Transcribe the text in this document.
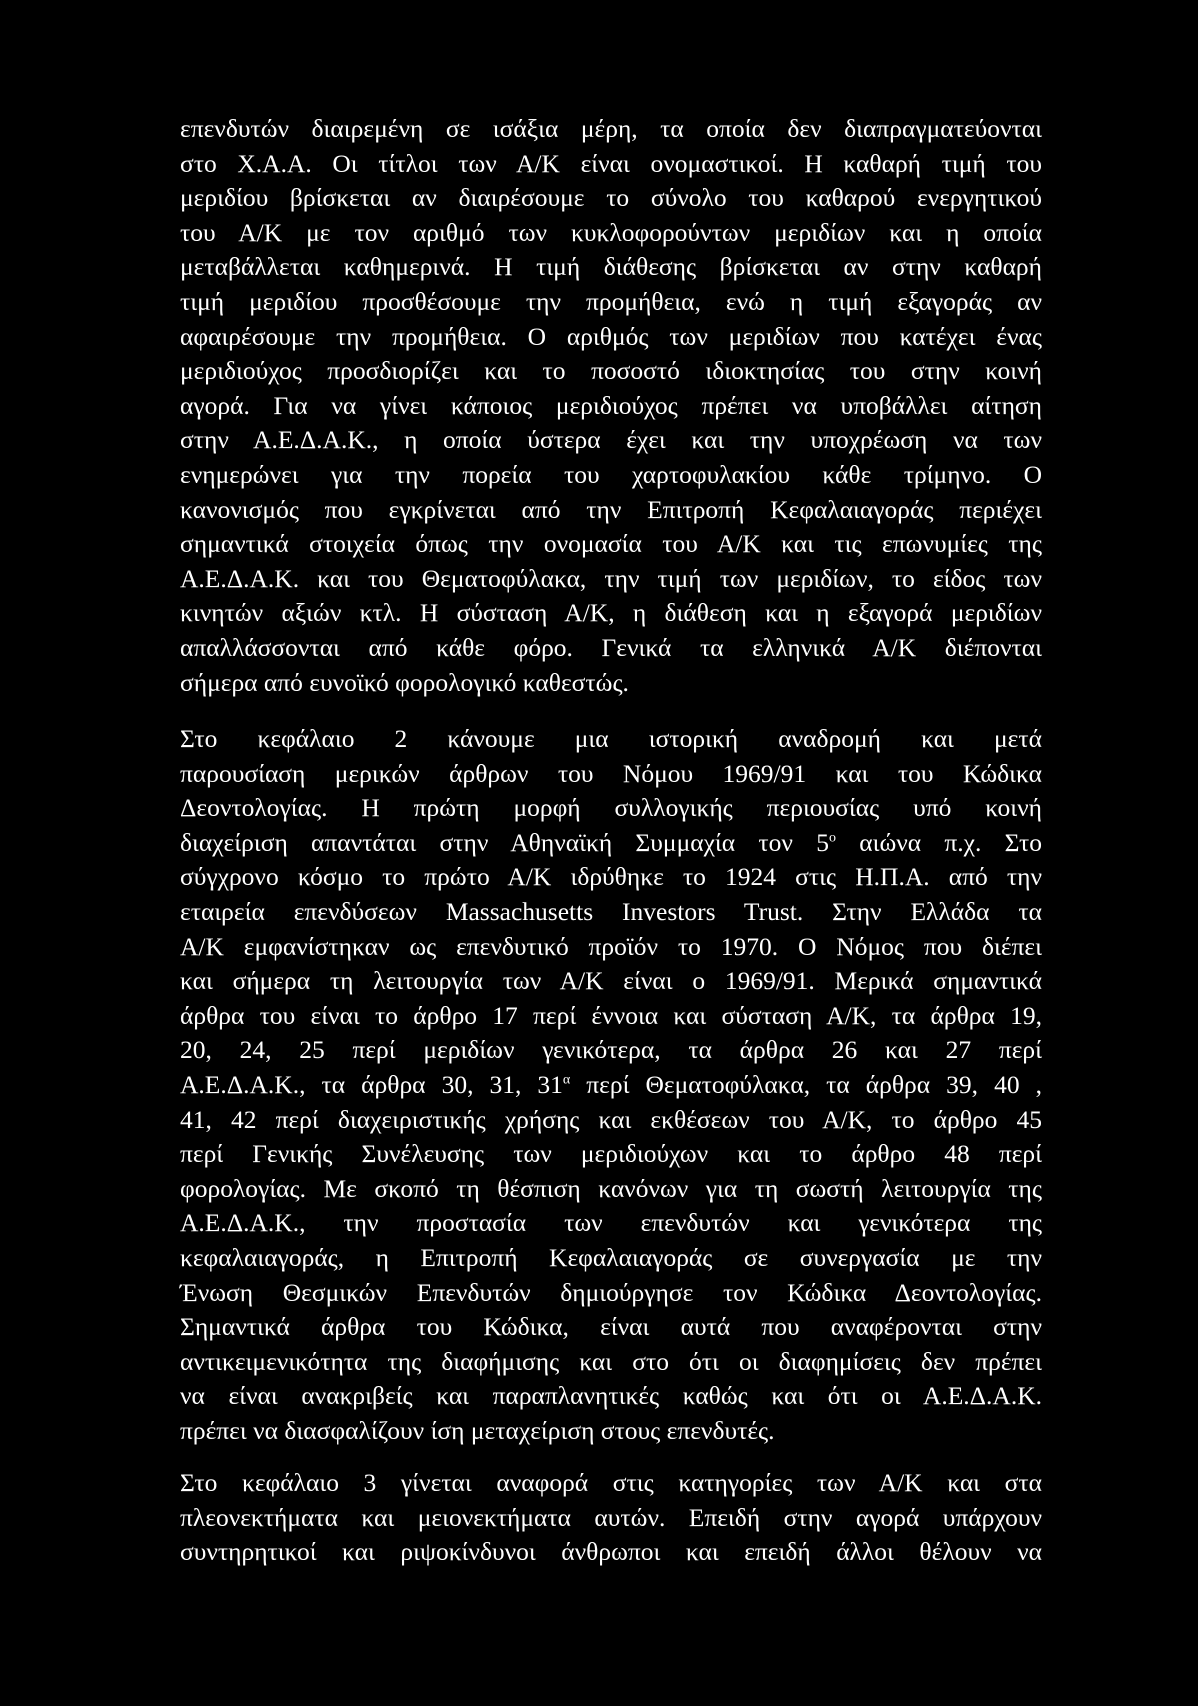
επενδυτών διαιρεμένη σε ισάξια μέρη, τα οποία δεν διαπραγματεύονται
στο Χ.Α.Α. Οι τίτλοι των Α/Κ είναι ονομαστικοί. Η καθαρή τιμή του
μεριδίου βρίσκεται αν διαιρέσουμε το σύνολο του καθαρού ενεργητικού
του Α/Κ με τον αριθμό των κυκλοφορούντων μεριδίων και η οποία
μεταβάλλεται καθημερινά. Η τιμή διάθεσης βρίσκεται αν στην καθαρή
τιμή μεριδίου προσθέσουμε την προμήθεια, ενώ η τιμή εξαγοράς αν
αφαιρέσουμε την προμήθεια. Ο αριθμός των μεριδίων που κατέχει ένας
μεριδιούχος προσδιορίζει και το ποσοστό ιδιοκτησίας του στην κοινή
αγορά. Για να γίνει κάποιος μεριδιούχος πρέπει να υποβάλλει αίτηση
στην Α.Ε.Δ.Α.Κ., η οποία ύστερα έχει και την υποχρέωση να των
ενημερώνει για την πορεία του χαρτοφυλακίου κάθε τρίμηνο. Ο
κανονισμός που εγκρίνεται από την Επιτροπή Κεφαλαιαγοράς περιέχει
σημαντικά στοιχεία όπως την ονομασία του Α/Κ και τις επωνυμίες της
Α.Ε.Δ.Α.Κ. και του Θεματοφύλακα, την τιμή των μεριδίων, το είδος των
κινητών αξιών κτλ. Η σύσταση Α/Κ, η διάθεση και η εξαγορά μεριδίων
απαλλάσσονται από κάθε φόρο. Γενικά τα ελληνικά Α/Κ διέπονται
σήμερα από ευνοϊκό φορολογικό καθεστώς.
Στο κεφάλαιο 2 κάνουμε μια ιστορική αναδρομή και μετά
παρουσίαση μερικών άρθρων του Νόμου 1969/91 και του Κώδικα
Δεοντολογίας. Η πρώτη μορφή συλλογικής περιουσίας υπό κοινή
διαχείριση απαντάται στην Αθηναϊκή Συμμαχία τον $5^o$ αιώνα π.χ. Στο
σύγχρονο κόσμο το πρώτο Α/Κ ιδρύθηκε το 1924 στις Η.Π.Α. από την
εταιρεία επενδύσεων Massachusetts Investors Trust. Στην Ελλάδα τα
Α/Κ εμφανίστηκαν ως επενδυτικό προϊόν το 1970. Ο Νόμος που διέπει
και σήμερα τη λειτουργία των Α/Κ είναι ο 1969/91. Μερικά σημαντικά
άρθρα του είναι το άρθρο 17 περί έννοια και σύσταση Α/Κ, τα άρθρα 19,
20, 24, 25 περί μεριδίων γενικότερα, τα άρθρα 26 και 27 περί
Α.Ε.Δ.Α.Κ., τα άρθρα 30, 31, $31^\alpha$ περί Θεματοφύλακα, τα άρθρα 39, 40 ,
41, 42 περί διαχειριστικής χρήσης και εκθέσεων του Α/Κ, το άρθρο 45
περί Γενικής Συνέλευσης των μεριδιούχων και το άρθρο 48 περί
φορολογίας. Με σκοπό τη θέσπιση κανόνων για τη σωστή λειτουργία της
Α.Ε.Δ.Α.Κ., την προστασία των επενδυτών και γενικότερα της
κεφαλαιαγοράς, η Επιτροπή Κεφαλαιαγοράς σε συνεργασία με την
Ένωση Θεσμικών Επενδυτών δημιούργησε τον Κώδικα Δεοντολογίας.
Σημαντικά άρθρα του Κώδικα, είναι αυτά που αναφέρονται στην
αντικειμενικότητα της διαφήμισης και στο ότι οι διαφημίσεις δεν πρέπει
να είναι ανακριβείς και παραπλανητικές καθώς και ότι οι Α.Ε.Δ.Α.Κ.
πρέπει να διασφαλίζουν ίση μεταχείριση στους επενδυτές.
Στο κεφάλαιο 3 γίνεται αναφορά στις κατηγορίες των Α/Κ και στα
πλεονεκτήματα και μειονεκτήματα αυτών. Επειδή στην αγορά υπάρχουν
συντηρητικοί και ριψοκίνδυνοι άνθρωποι και επειδή άλλοι θέλουν να
